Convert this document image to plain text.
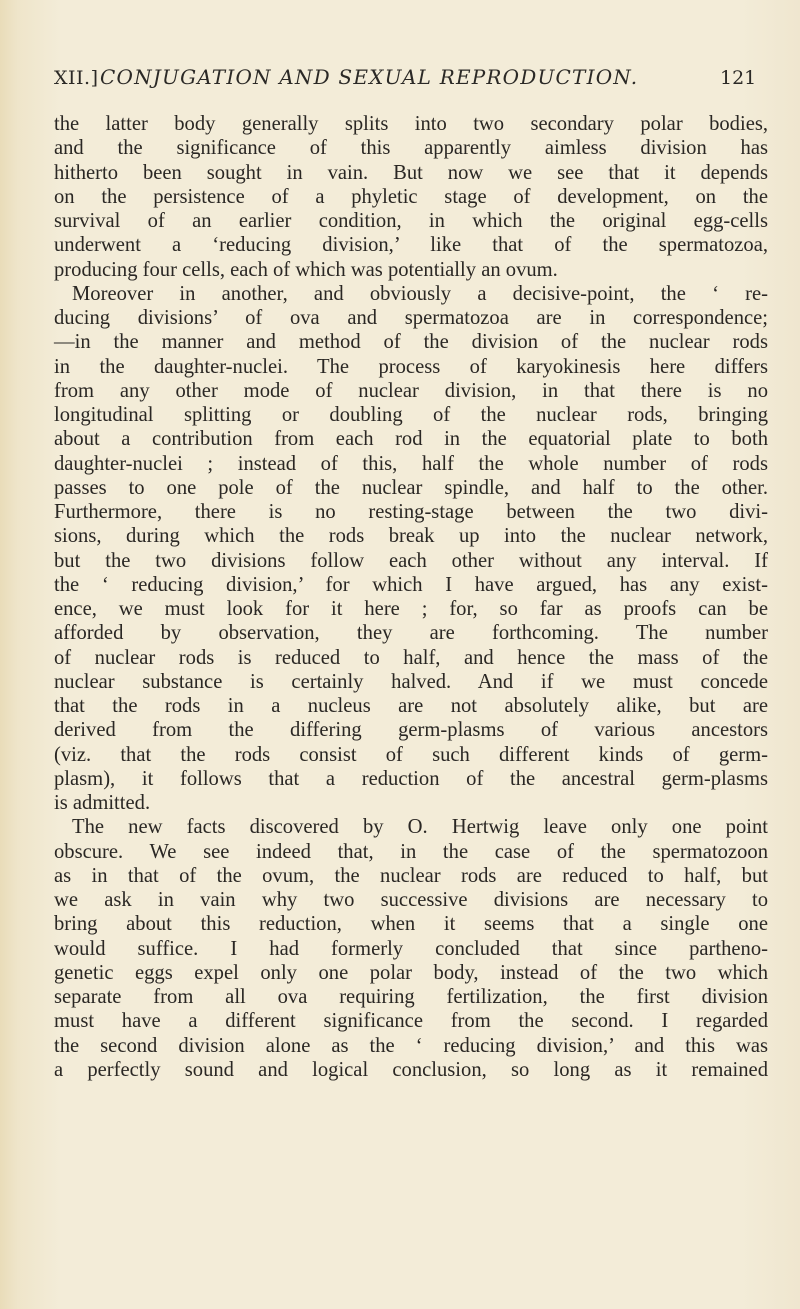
XII.] CONJUGATION AND SEXUAL REPRODUCTION.	121
the latter body generally splits into two secondary polar bodies,
and the significance of this apparently aimless division has
hitherto been sought in vain. But now we see that it depends
on the persistence of a phyletic stage of development, on the
survival of an earlier condition, in which the original egg-cells
underwent a ‘reducing division,’ like that of the spermatozoa,
producing four cells, each of which was potentially an ovum.
Moreover in another, and obviously a decisive-point, the ‘ re-
ducing divisions’ of ova and spermatozoa are in correspondence;
—in the manner and method of the division of the nuclear rods
in the daughter-nuclei. The process of karyokinesis here differs
from any other mode of nuclear division, in that there is no
longitudinal splitting or doubling of the nuclear rods, bringing
about a contribution from each rod in the equatorial plate to both
daughter-nuclei ; instead of this, half the whole number of rods
passes to one pole of the nuclear spindle, and half to the other.
Furthermore, there is no resting-stage between the two divi-
sions, during which the rods break up into the nuclear network,
but the two divisions follow each other without any interval. If
the ‘ reducing division,’ for which I have argued, has any exist-
ence, we must look for it here ; for, so far as proofs can be
afforded by observation, they are forthcoming. The number
of nuclear rods is reduced to half, and hence the mass of the
nuclear substance is certainly halved. And if we must concede
that the rods in a nucleus are not absolutely alike, but are
derived from the differing germ-plasms of various ancestors
(viz. that the rods consist of such different kinds of germ-
plasm), it follows that a reduction of the ancestral germ-plasms
is admitted.
The new facts discovered by O. Hertwig leave only one point
obscure. We see indeed that, in the case of the spermatozoon
as in that of the ovum, the nuclear rods are reduced to half, but
we ask in vain why two successive divisions are necessary to
bring about this reduction, when it seems that a single one
would suffice. I had formerly concluded that since partheno-
genetic eggs expel only one polar body, instead of the two which
separate from all ova requiring fertilization, the first division
must have a different significance from the second. I regarded
the second division alone as the ‘ reducing division,’ and this was
a perfectly sound and logical conclusion, so long as it remained
